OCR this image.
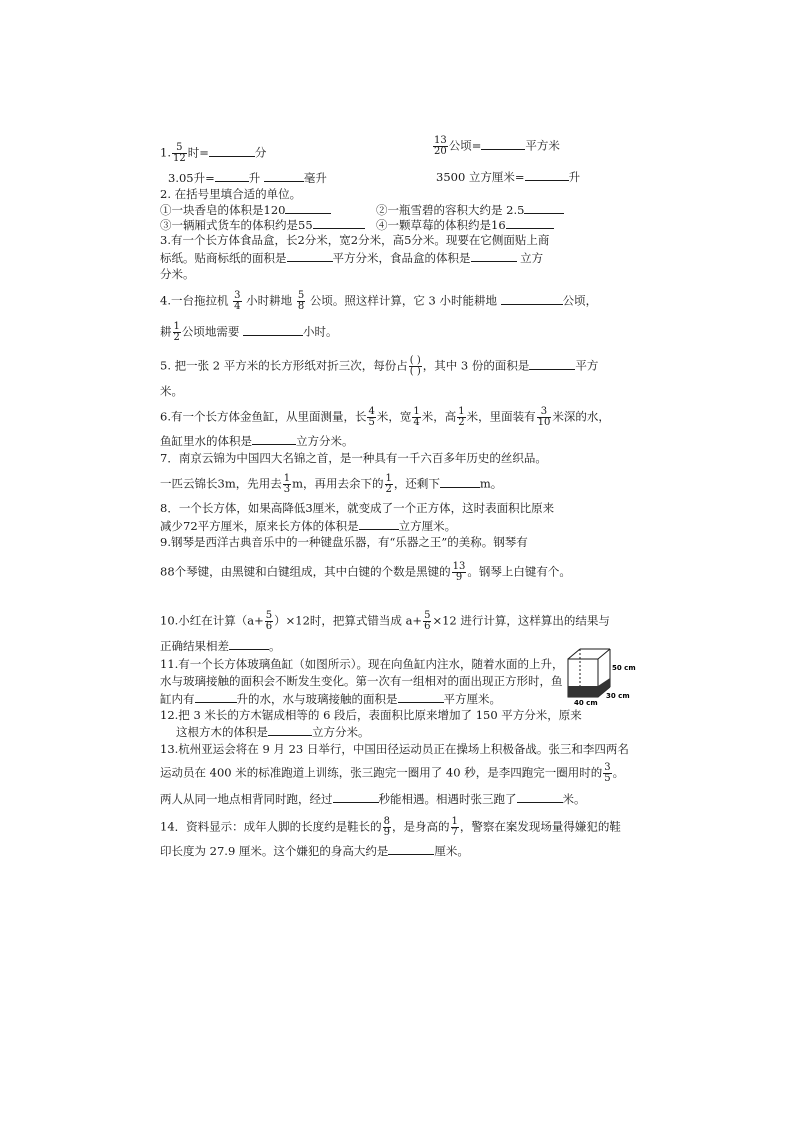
1. $\frac{5}{12}$ 时=	分	$\frac{13}{20}$ 公顷=	平方米
3.05升=	升	毫升	3500 立方厘米=	升
2. 在括号里填合适的单位。
①一块香皂的体积是120	②一瓶雪碧的容积大约是 2.5
③一辆厢式货车的体积约是55	④一颗草莓的体积约是16
3.有一个长方体食品盒，长2分米，宽2分米，高5分米。现要在它侧面贴上商
标纸。贴商标纸的面积是	平方分米，食品盒的体积是	立方
分米。
4.一台拖拉机 $\frac{3}{4}$ 小时耕地 $\frac{5}{8}$ 公顷。照这样计算，它 3 小时能耕地	公顷，
耕 $\frac{1}{2}$ 公顷地需要	小时。
5. 把一张 2 平方米的长方形纸对折三次，每份占 $\frac{( )}{( )}$ ，其中 3 份的面积是	平方
米。
6.有一个长方体金鱼缸，从里面测量，长 $\frac{4}{5}$ 米，宽 $\frac{1}{4}$ 米，高 $\frac{1}{2}$ 米，里面装有 $\frac{3}{10}$ 米深的水，
鱼缸里水的体积是	立方分米。
7．南京云锦为中国四大名锦之首，是一种具有一千六百多年历史的丝织品。
一匹云锦长3m，先用去 $\frac{1}{3}$ m，再用去余下的 $\frac{1}{2}$ ，还剩下	m。
8．一个长方体，如果高降低3厘米，就变成了一个正方体，这时表面积比原来
减少72平方厘米，原来长方体的体积是	立方厘米。
9.钢琴是西洋古典音乐中的一种键盘乐器，有“乐器之王”的美称。钢琴有
88个琴键，由黑键和白键组成，其中白键的个数是黑键的 $\frac{13}{9}$ 。钢琴上白键有个。
10.小红在计算$(a+ \frac{5}{6} )\times 12$时，把算式错当成 $a+ \frac{5}{6} \times 12$ 进行计算，这样算出的结果与
正确结果相差	。
11.有一个长方体玻璃鱼缸（如图所示）。现在向鱼缸内注水，随着水面的上升，
水与玻璃接触的面积会不断发生变化。第一次有一组相对的面出现正方形时，鱼
缸内有	升的水，水与玻璃接触的面积是	平方厘米。
50 cm
30 cm
40 cm
12.把 3 米长的方木锯成相等的 6 段后，表面积比原来增加了 150 平方分米，原来
这根方木的体积是	立方分米。
13.杭州亚运会将在 9 月 23 日举行，中国田径运动员正在操场上积极备战。张三和李四两名
运动员在 400 米的标准跑道上训练，张三跑完一圈用了 40 秒，是李四跑完一圈用时的 $\frac{3}{5}$ 。
两人从同一地点相背同时跑，经过	秒能相遇。相遇时张三跑了	米。
14．资料显示：成年人脚的长度约是鞋长的 $\frac{8}{9}$ ，是身高的 $\frac{1}{7}$ ，警察在案发现场量得嫌犯的鞋
印长度为 27.9 厘米。这个嫌犯的身高大约是	厘米。
